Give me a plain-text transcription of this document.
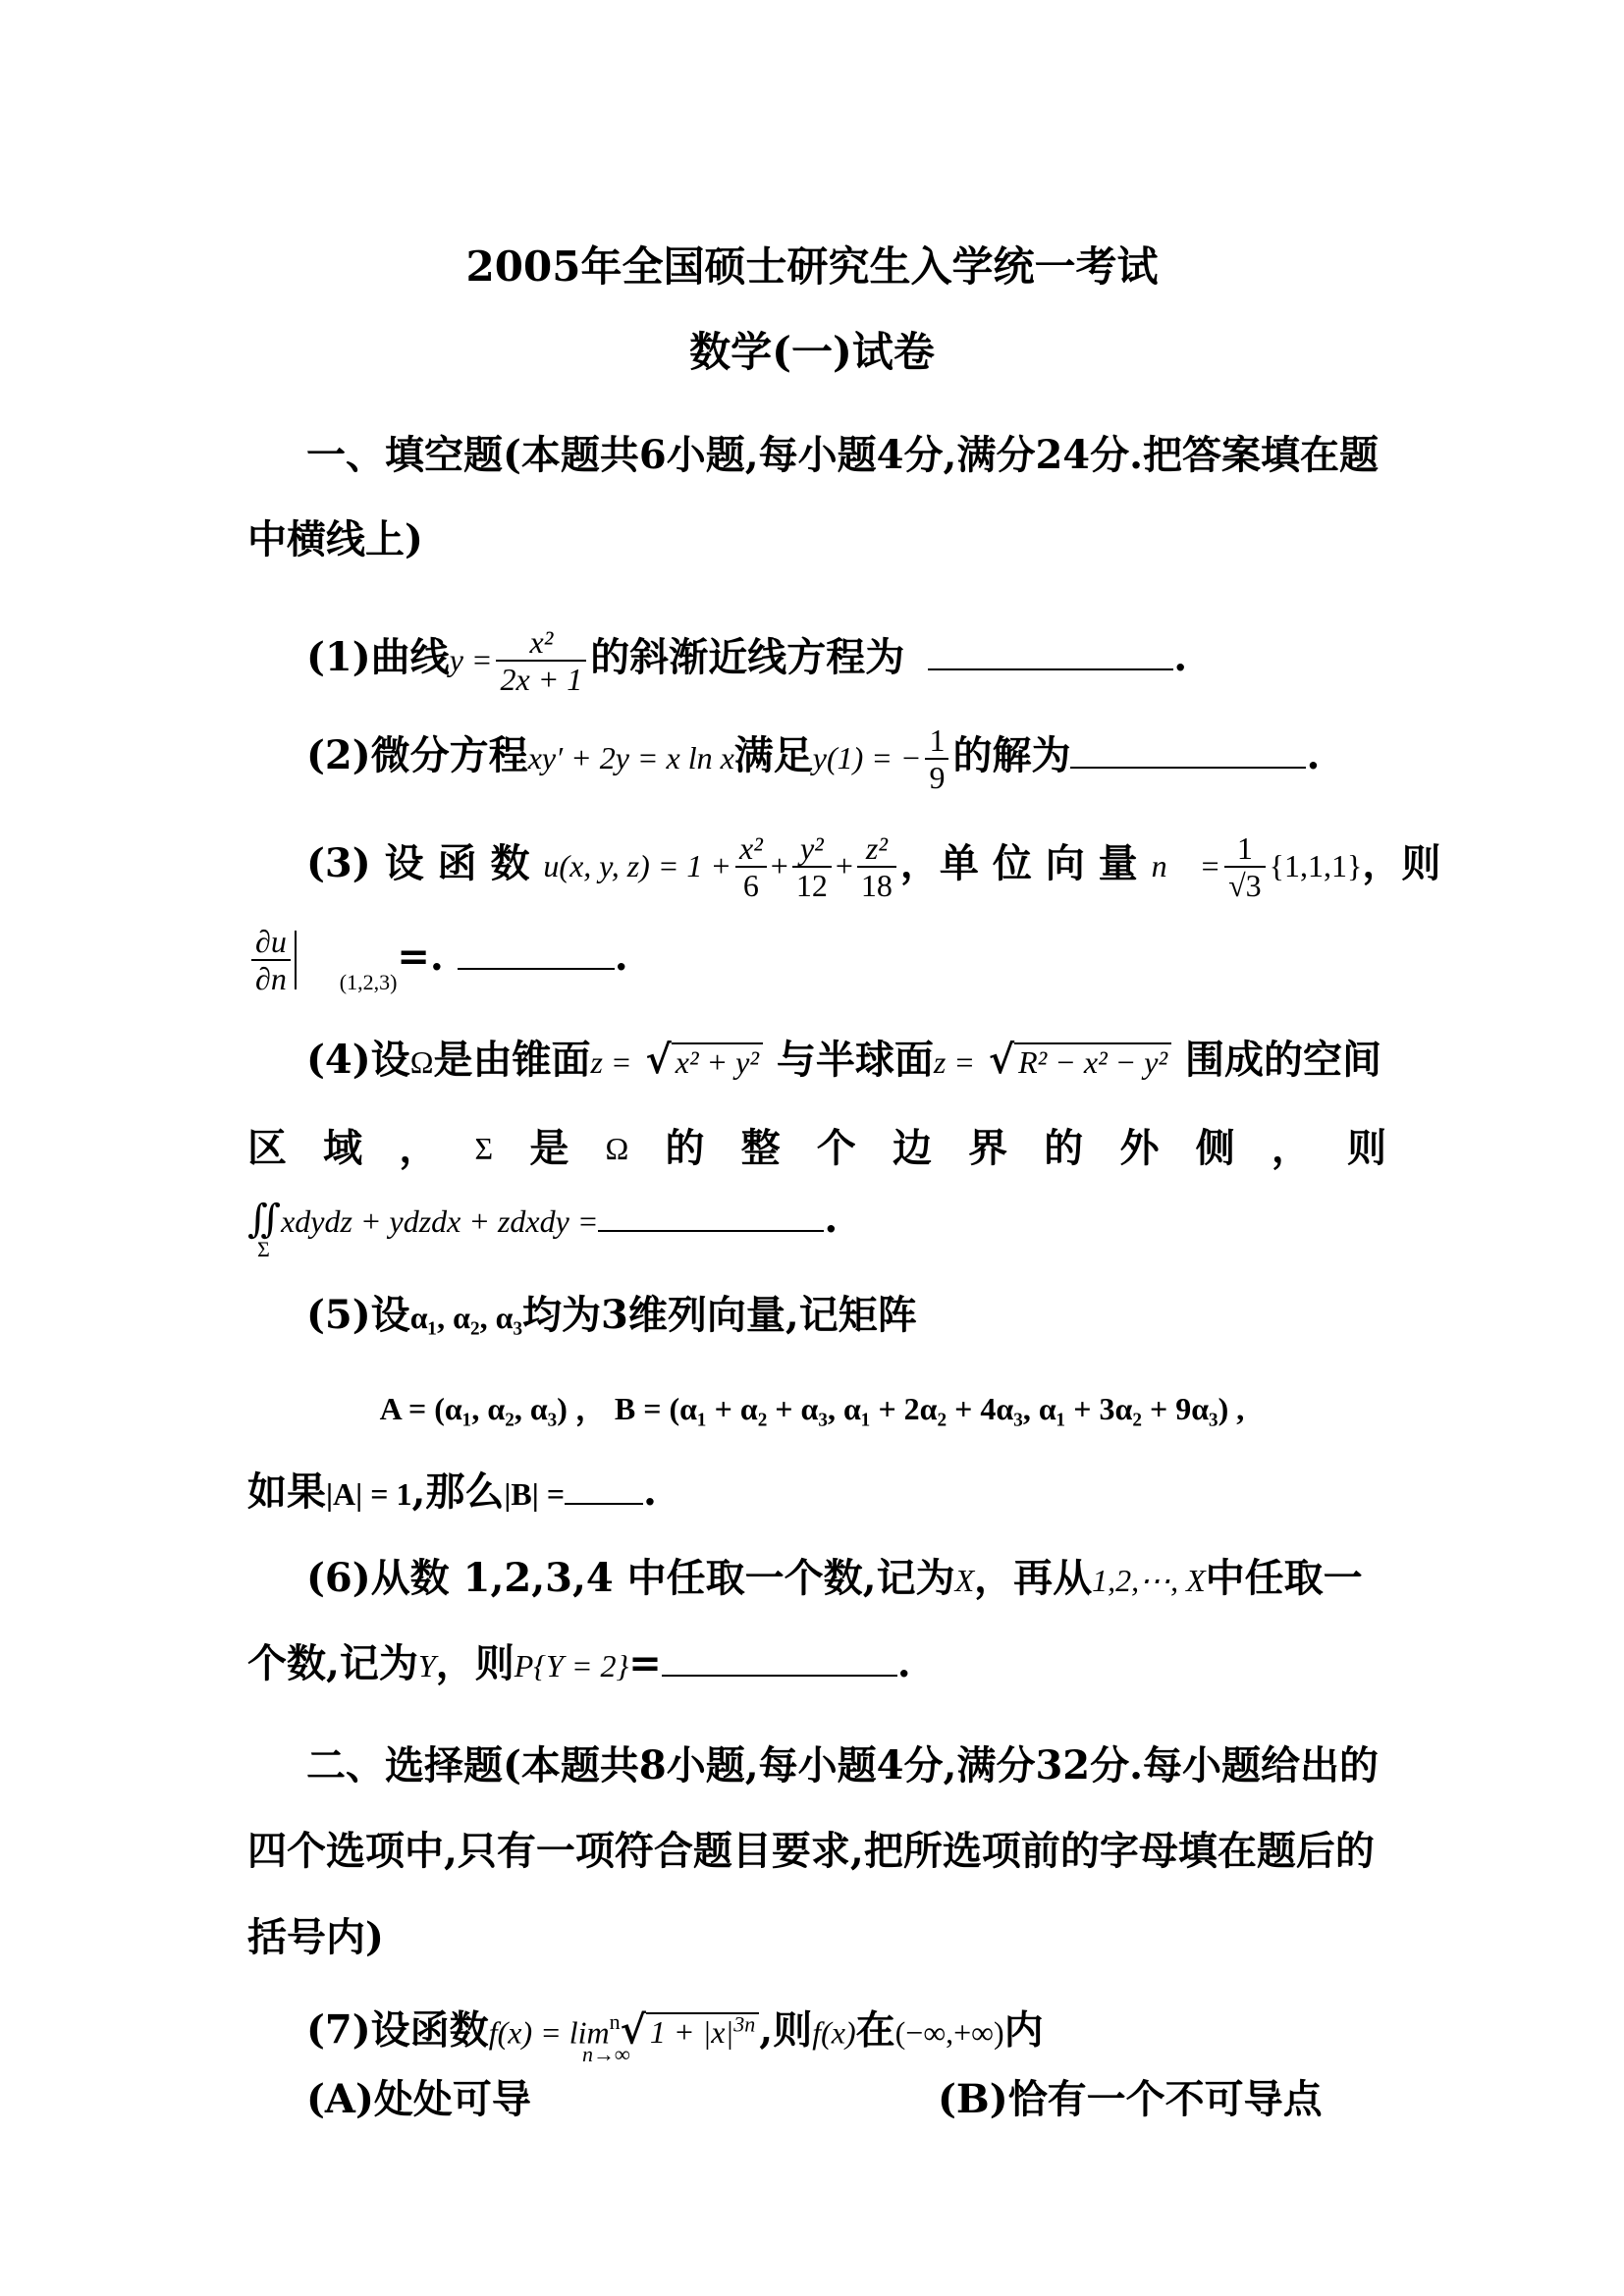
2005年全国硕士研究生入学统一考试
数学(一)试卷
一、填空题(本题共6小题,每小题4分,满分24分.把答案填在题
中横线上)
(1)曲线$y = \frac{\text{x²}}{2x + 1}$ 的斜渐近线方程为	.
(2)微分方程xy′ + 2y = x ln x满足y(1) = − $\frac{1}{9}$ 的解为	.
(3) 设 函 数 u(x, y, $z) = 1 + \frac{\text{x²}}{6} + \frac{\text{y²}}{12} + \frac{\text{z²}}{18}$ ，单 位 向 量 n⃗ = $\frac{1}{√3} \{1,1,1\}$，则
$\frac{\partial u}{\partial n} _{(1,2,3)}=$.	.
(4)设Ω是由锥面z = √ x² + y² 与半球面z = √ R² − x² − y² 围成的空间
区 域 ， Σ 是 Ω 的 整 个 边 界 的 外 侧 ， 则
∬xdydz + ydzdx + zdxdy =	.
Σ
(5)设α₁, α₂, α₃均为3维列向量,记矩阵
A = (α₁, α₂, α₃) ， B = (α₁ + α₂ + α₃, α₁ + 2α₂ + 4α₃, α₁ + 3α₂ + 9α₃) ,
如果|A| = 1,那么|B| = .
(6)从数 1,2,3,4 中任取一个数,记为X，再从1,2,⋯, X中任取一
个数,记为Y，则P{Y = 2}=	.
二、选择题(本题共8小题,每小题4分,满分32分.每小题给出的
四个选项中,只有一项符合题目要求,把所选项前的字母填在题后的
括号内)
(7)设函数$f(x) = \lim^n√$ $1 + |x|^{3n}$ ,则f(x)在(−∞,+∞)内
n→∞
(A)处处可导	(B)恰有一个不可导点
